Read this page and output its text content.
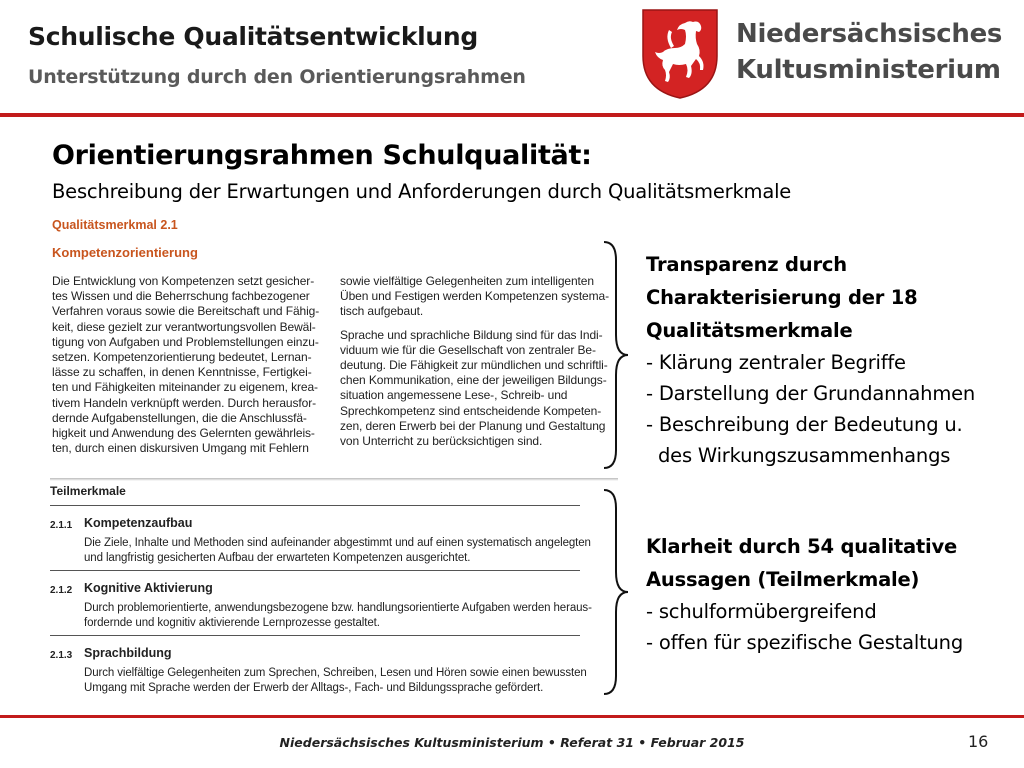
Schulische Qualitätsentwicklung
Unterstützung durch den Orientierungsrahmen
Niedersächsisches
Kultusministerium
Orientierungsrahmen Schulqualität:
Beschreibung der Erwartungen und Anforderungen durch Qualitätsmerkmale
Qualitätsmerkmal 2.1
Kompetenzorientierung
Die Entwicklung von Kompetenzen setzt gesicher-
tes Wissen und die Beherrschung fachbezogener
Verfahren voraus sowie die Bereitschaft und Fähig-
keit, diese gezielt zur verantwortungsvollen Bewäl-
tigung von Aufgaben und Problemstellungen einzu-
setzen. Kompetenzorientierung bedeutet, Lernan-
lässe zu schaffen, in denen Kenntnisse, Fertigkei-
ten und Fähigkeiten miteinander zu eigenem, krea-
tivem Handeln verknüpft werden. Durch herausfor-
dernde Aufgabenstellungen, die die Anschlussfä-
higkeit und Anwendung des Gelernten gewährleis-
ten, durch einen diskursiven Umgang mit Fehlern
sowie vielfältige Gelegenheiten zum intelligenten
Üben und Festigen werden Kompetenzen systema-
tisch aufgebaut.
Sprache und sprachliche Bildung sind für das Indi-
viduum wie für die Gesellschaft von zentraler Be-
deutung. Die Fähigkeit zur mündlichen und schriftli-
chen Kommunikation, eine der jeweiligen Bildungs-
situation angemessene Lese-, Schreib- und
Sprechkompetenz sind entscheidende Kompeten-
zen, deren Erwerb bei der Planung und Gestaltung
von Unterricht zu berücksichtigen sind.
Teilmerkmale
2.1.1 Kompetenzaufbau
Die Ziele, Inhalte und Methoden sind aufeinander abgestimmt und auf einen systematisch angelegten
und langfristig gesicherten Aufbau der erwarteten Kompetenzen ausgerichtet.
2.1.2 Kognitive Aktivierung
Durch problemorientierte, anwendungsbezogene bzw. handlungsorientierte Aufgaben werden heraus-
fordernde und kognitiv aktivierende Lernprozesse gestaltet.
2.1.3 Sprachbildung
Durch vielfältige Gelegenheiten zum Sprechen, Schreiben, Lesen und Hören sowie einen bewussten
Umgang mit Sprache werden der Erwerb der Alltags-, Fach- und Bildungssprache gefördert.
Transparenz durch
Charakterisierung der 18
Qualitätsmerkmale
- Klärung zentraler Begriffe
- Darstellung der Grundannahmen
- Beschreibung der Bedeutung u.
des Wirkungszusammenhangs
Klarheit durch 54 qualitative
Aussagen (Teilmerkmale)
- schulformübergreifend
- offen für spezifische Gestaltung
Niedersächsisches Kultusministerium • Referat 31 • Februar 2015	16
